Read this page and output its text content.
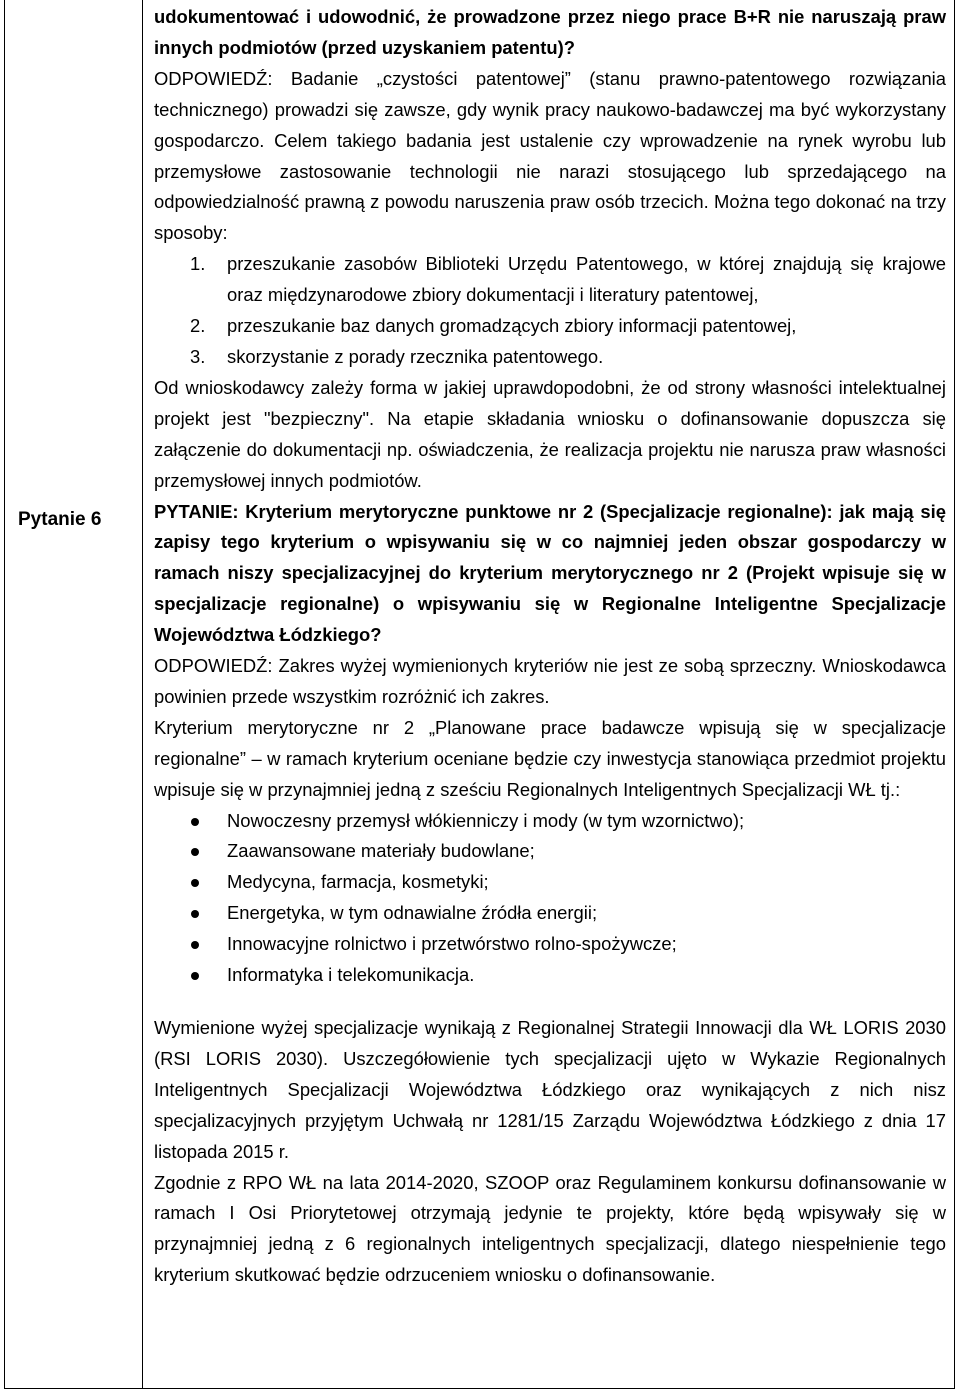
Pytanie 6

udokumentować i udowodnić, że prowadzone przez niego prace B+R nie naruszają praw innych podmiotów (przed uzyskaniem patentu)?

ODPOWIEDŹ: Badanie „czystości patentowej” (stanu prawno-patentowego rozwiązania technicznego) prowadzi się zawsze, gdy wynik pracy naukowo-badawczej ma być wykorzystany gospodarczo. Celem takiego badania jest ustalenie czy wprowadzenie na rynek wyrobu lub przemysłowe zastosowanie technologii nie narazi stosującego lub sprzedającego na odpowiedzialność prawną z powodu naruszenia praw osób trzecich. Można tego dokonać na trzy sposoby:

1. przeszukanie zasobów Biblioteki Urzędu Patentowego, w której znajdują się krajowe oraz międzynarodowe zbiory dokumentacji i literatury patentowej,
2. przeszukanie baz danych gromadzących zbiory informacji patentowej,
3. skorzystanie z porady rzecznika patentowego.

Od wnioskodawcy zależy forma w jakiej uprawdopodobni, że od strony własności intelektualnej projekt jest "bezpieczny". Na etapie składania wniosku o dofinansowanie dopuszcza się załączenie do dokumentacji np. oświadczenia, że realizacja projektu nie narusza praw własności przemysłowej innych podmiotów.

PYTANIE: Kryterium merytoryczne punktowe nr 2 (Specjalizacje regionalne): jak mają się zapisy tego kryterium o wpisywaniu się w co najmniej jeden obszar gospodarczy w ramach niszy specjalizacyjnej do kryterium merytorycznego nr 2 (Projekt wpisuje się w specjalizacje regionalne) o wpisywaniu się w Regionalne Inteligentne Specjalizacje Województwa Łódzkiego?

ODPOWIEDŹ: Zakres wyżej wymienionych kryteriów nie jest ze sobą sprzeczny. Wnioskodawca powinien przede wszystkim rozróżnić ich zakres.

Kryterium merytoryczne nr 2 „Planowane prace badawcze wpisują się w specjalizacje regionalne” – w ramach kryterium oceniane będzie czy inwestycja stanowiąca przedmiot projektu wpisuje się w przynajmniej jedną z sześciu Regionalnych Inteligentnych Specjalizacji WŁ tj.:

Nowoczesny przemysł włókienniczy i mody (w tym wzornictwo);
Zaawansowane materiały budowlane;
Medycyna, farmacja, kosmetyki;
Energetyka, w tym odnawialne źródła energii;
Innowacyjne rolnictwo i przetwórstwo rolno-spożywcze;
Informatyka i telekomunikacja.

Wymienione wyżej specjalizacje wynikają z Regionalnej Strategii Innowacji dla WŁ LORIS 2030 (RSI LORIS 2030). Uszczegółowienie tych specjalizacji ujęto w Wykazie Regionalnych Inteligentnych Specjalizacji Województwa Łódzkiego oraz wynikających z nich nisz specjalizacyjnych przyjętym Uchwałą nr 1281/15 Zarządu Województwa Łódzkiego z dnia 17 listopada 2015 r.

Zgodnie z RPO WŁ na lata 2014-2020, SZOOP oraz Regulaminem konkursu dofinansowanie w ramach I Osi Priorytetowej otrzymają jedynie te projekty, które będą wpisywały się w przynajmniej jedną z 6 regionalnych inteligentnych specjalizacji, dlatego niespełnienie tego kryterium skutkować będzie odrzuceniem wniosku o dofinansowanie.
